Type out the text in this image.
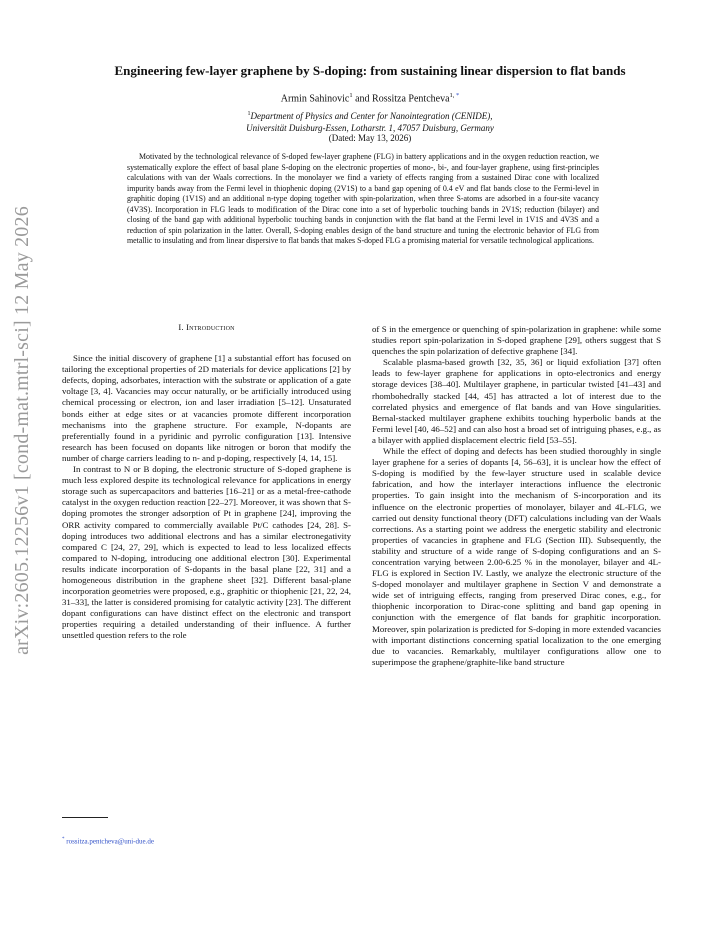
arXiv:2605.12256v1 [cond-mat.mtrl-sci] 12 May 2026
Engineering few-layer graphene by S-doping: from sustaining linear dispersion to flat bands
Armin Sahinovic$^1$ and Rossitza Pentcheva$^{1,}$ *
$^1$Department of Physics and Center for Nanointegration (CENIDE),
Universität Duisburg-Essen, Lotharstr. 1, 47057 Duisburg, Germany
(Dated: May 13, 2026)
Motivated by the technological relevance of S-doped few-layer graphene (FLG) in battery applications and in the oxygen reduction reaction, we systematically explore the effect of basal plane S-doping on the electronic properties of mono-, bi-, and four-layer graphene, using first-principles calculations with van der Waals corrections. In the monolayer we find a variety of effects ranging from a sustained Dirac cone with localized impurity bands away from the Fermi level in thiophenic doping (2V1S) to a band gap opening of 0.4 eV and flat bands close to the Fermi-level in graphitic doping (1V1S) and an additional n-type doping together with spin-polarization, when three S-atoms are adsorbed in a four-site vacancy (4V3S). Incorporation in FLG leads to modification of the Dirac cone into a set of hyperbolic touching bands in 2V1S; reduction (bilayer) and closing of the band gap with additional hyperbolic touching bands in conjunction with the flat band at the Fermi level in 1V1S and 4V3S and a reduction of spin polarization in the latter. Overall, S-doping enables design of the band structure and tuning the electronic behavior of FLG from metallic to insulating and from linear dispersive to flat bands that makes S-doped FLG a promising material for versatile technological applications.
I. Introduction

Since the initial discovery of graphene [1] a substantial effort has focused on tailoring the exceptional properties of 2D materials for device applications [2] by defects, doping, adsorbates, interaction with the substrate or application of a gate voltage [3, 4]. Vacancies may occur naturally, or be artificially introduced using chemical processing or electron, ion and laser irradiation [5–12]. Unsaturated bonds either at edge sites or at vacancies promote different incorporation mechanisms into the graphene structure. For example, N-dopants are preferentially found in a pyridinic and pyrrolic configuration [13]. Intensive research has been focused on dopants like nitrogen or boron that modify the number of charge carriers leading to n- and p-doping, respectively [4, 14, 15].

In contrast to N or B doping, the electronic structure of S-doped graphene is much less explored despite its technological relevance for applications in energy storage such as supercapacitors and batteries [16–21] or as a metal-free-cathode catalyst in the oxygen reduction reaction [22–27]. Moreover, it was shown that S-doping promotes the stronger adsorption of Pt in graphene [24], improving the ORR activity compared to commercially available Pt/C cathodes [24, 28]. S-doping introduces two additional electrons and has a similar electronegativity compared C [24, 27, 29], which is expected to lead to less localized effects compared to N-doping, introducing one additional electron [30]. Experimental results indicate incorporation of S-dopants in the basal plane [22, 31] and a homogeneous distribution in the graphene sheet [32]. Different basal-plane incorporation geometries were proposed, e.g., graphitic or thiophenic [21, 22, 24, 31–33], the latter is considered promising for catalytic activity [23]. The different dopant configurations can have distinct effect on the electronic and transport properties requiring a detailed understanding of their influence. A further unsettled question refers to the role

of S in the emergence or quenching of spin-polarization in graphene: while some studies report spin-polarization in S-doped graphene [29], others suggest that S quenches the spin polarization of defective graphene [34].

Scalable plasma-based growth [32, 35, 36] or liquid exfoliation [37] often leads to few-layer graphene for applications in opto-electronics and energy storage devices [38–40]. Multilayer graphene, in particular twisted [41–43] and rhombohedrally stacked [44, 45] has attracted a lot of interest due to the correlated physics and emergence of flat bands and van Hove singularities. Bernal-stacked multilayer graphene exhibits touching hyperbolic bands at the Fermi level [40, 46–52] and can also host a broad set of intriguing phases, e.g., as a bilayer with applied displacement electric field [53–55].

While the effect of doping and defects has been studied thoroughly in single layer graphene for a series of dopants [4, 56–63], it is unclear how the effect of S-doping is modified by the few-layer structure used in scalable device fabrication, and how the interlayer interactions influence the electronic properties. To gain insight into the mechanism of S-incorporation and its influence on the electronic properties of monolayer, bilayer and 4L-FLG, we carried out density functional theory (DFT) calculations including van der Waals corrections. As a starting point we address the energetic stability and electronic properties of vacancies in graphene and FLG (Section III). Subsequently, the stability and structure of a wide range of S-doping configurations and an S-concentration varying between 2.00-6.25 % in the monolayer, bilayer and 4L-FLG is explored in Section IV. Lastly, we analyze the electronic structure of the S-doped monolayer and multilayer graphene in Section V and demonstrate a wide set of intriguing effects, ranging from preserved Dirac cones, e.g., for thiophenic incorporation to Dirac-cone splitting and band gap opening in conjunction with the emergence of flat bands for graphitic incorporation. Moreover, spin polarization is predicted for S-doping in more extended vacancies with important distinctions concerning spatial localization to the one emerging due to vacancies. Remarkably, multilayer configurations allow one to superimpose the graphene/graphite-like band structure

* rossitza.pentcheva@uni-due.de
